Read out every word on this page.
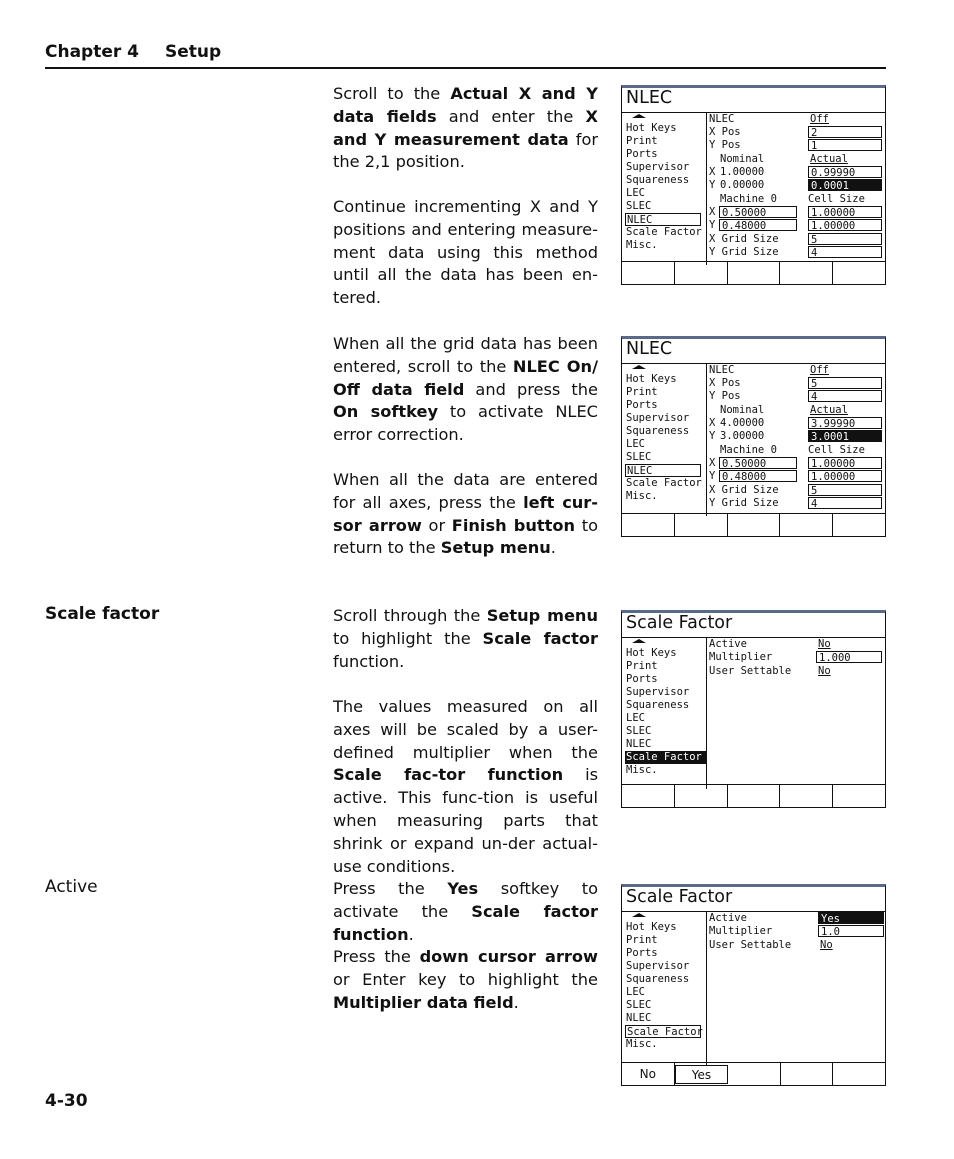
Chapter 4 Setup
Scale factor
Active
4-30
Scroll to the Actual X and Y data fields and enter the X and Y measurement data for the 2,1 position.
Continue incrementing X and Y positions and entering measure-ment data using this method until all the data has been en-tered.
When all the grid data has been entered, scroll to the NLEC On/ Off data field and press the On softkey to activate NLEC error correction.
When all the data are entered for all axes, press the left cur-sor arrow or Finish button to return to the Setup menu.
Scroll through the Setup menu to highlight the Scale factor function.
The values measured on all axes will be scaled by a user-defined multiplier when the Scale fac-tor function is active. This func-tion is useful when measuring parts that shrink or expand un-der actual-use conditions.
Press the Yes softkey to activate the Scale factor function.
Press the down cursor arrow or Enter key to highlight the Multiplier data field.
NLEC
Hot Keys
Print
Ports
Supervisor
Squareness
LEC
SLEC
NLEC
Scale Factor
Misc.
NLEC	Off
X Pos	2
Y Pos	1
Nominal	Actual
X 1.00000	0.99990
Y 0.00000	0.0001
Machine 0	Cell Size
X 0.50000	1.00000
Y 0.48000	1.00000
X Grid Size	5
Y Grid Size	4
NLEC
Hot Keys
Print
Ports
Supervisor
Squareness
LEC
SLEC
NLEC
Scale Factor
Misc.
NLEC	Off
X Pos	5
Y Pos	4
Nominal	Actual
X 4.00000	3.99990
Y 3.00000	3.0001
Machine 0	Cell Size
X 0.50000	1.00000
Y 0.48000	1.00000
X Grid Size	5
Y Grid Size	4
Scale Factor
Hot Keys
Print
Ports
Supervisor
Squareness
LEC
SLEC
NLEC
Scale Factor
Misc.
Active	No
Multiplier	1.000
User Settable	No
Scale Factor
Hot Keys
Print
Ports
Supervisor
Squareness
LEC
SLEC
NLEC
Scale Factor
Misc.
Active	Yes
Multiplier	1.0
User Settable	No
No	Yes
